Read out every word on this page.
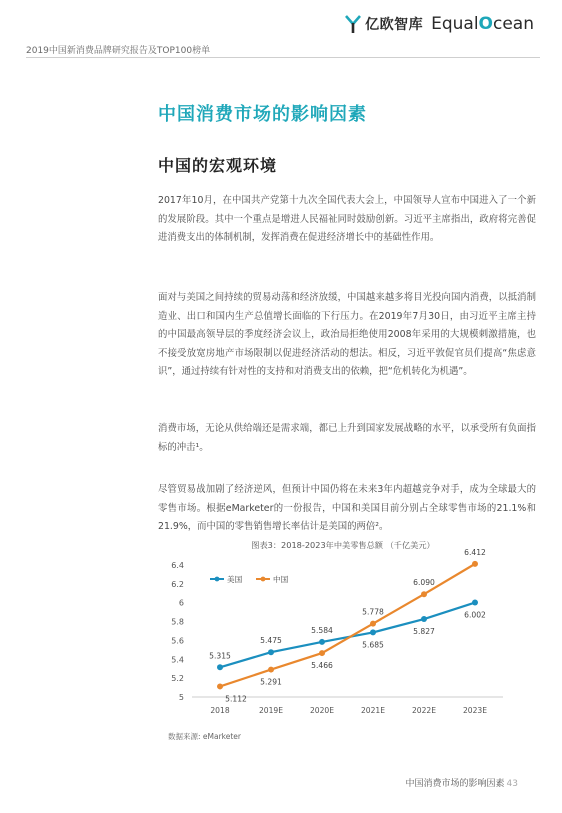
亿欧智库 EqualOcean
2019中国新消费品牌研究报告及TOP100榜单
中国消费市场的影响因素
中国的宏观环境

2017年10月，在中国共产党第十九次全国代表大会上，中国领导人宣布中国进入了一个新的发展阶段。其中一个重点是增进人民福祉同时鼓励创新。习近平主席指出，政府将完善促进消费支出的体制机制，发挥消费在促进经济增长中的基础性作用。

面对与美国之间持续的贸易动荡和经济放缓，中国越来越多将目光投向国内消费，以抵消制造业、出口和国内生产总值增长面临的下行压力。在2019年7月30日，由习近平主席主持的中国最高领导层的季度经济会议上，政治局拒绝使用2008年采用的大规模刺激措施，也不接受放宽房地产市场限制以促进经济活动的想法。相反，习近平敦促官员们提高“焦虑意识”，通过持续有针对性的支持和对消费支出的依赖，把“危机转化为机遇”。

消费市场，无论从供给端还是需求端，都已上升到国家发展战略的水平，以承受所有负面指标的冲击¹。

尽管贸易战加剧了经济逆风，但预计中国仍将在未来3年内超越竞争对手，成为全球最大的零售市场。根据eMarketer的一份报告，中国和美国目前分别占全球零售市场的21.1%和21.9%，而中国的零售销售增长率估计是美国的两倍²。

图表3：2018-2023年中美零售总额 （千亿美元）
5
5.2
5.4
5.6
5.8
6
6.2
6.4
2018	2019E	2020E	2021E	2022E	2023E
美国	中国
5.315
5.112
5.475
5.291
5.584
5.466
5.685
5.778
5.827
6.090
6.002
6.412
数据来源: eMarketer
中国消费市场的影响因素 43
